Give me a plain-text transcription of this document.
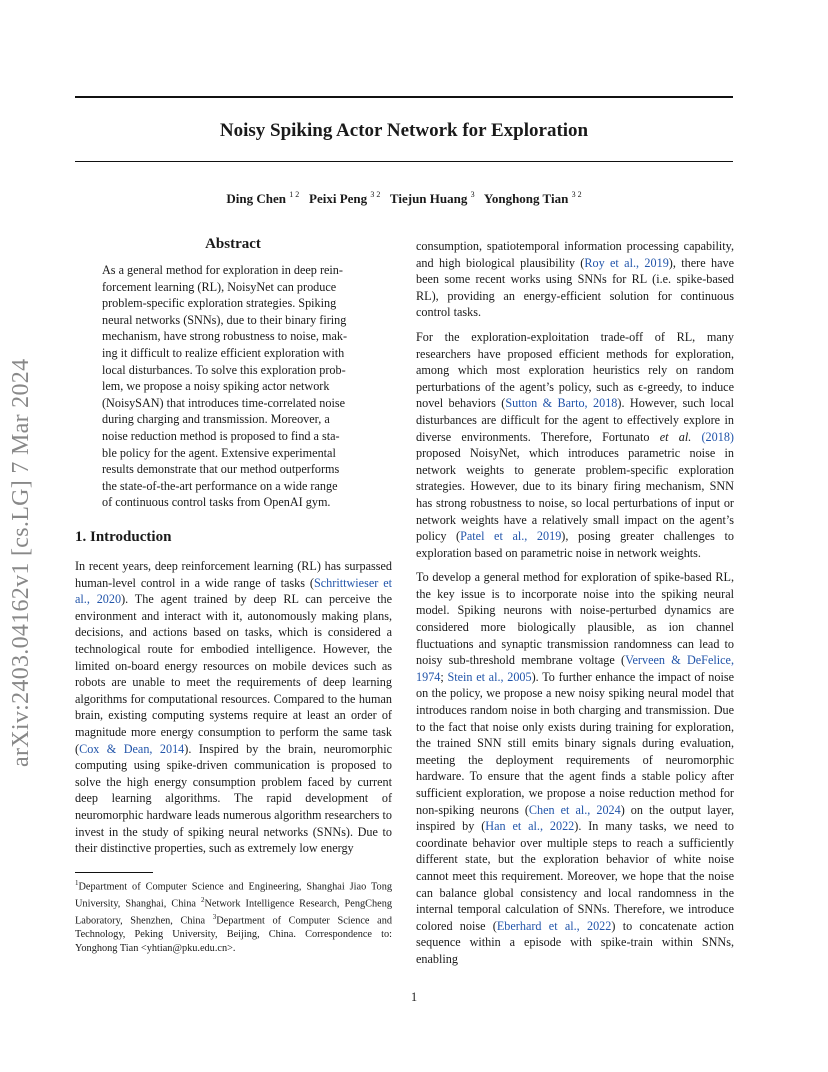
Noisy Spiking Actor Network for Exploration
Ding Chen $^{1 2}$ Peixi Peng $^{3 2}$ Tiejun Huang $^3$ Yonghong Tian $^{3 2}$
arXiv:2403.04162v1 [cs.LG] 7 Mar 2024
Abstract
As a general method for exploration in deep rein-
forcement learning (RL), NoisyNet can produce
problem-specific exploration strategies. Spiking
neural networks (SNNs), due to their binary firing
mechanism, have strong robustness to noise, mak-
ing it difficult to realize efficient exploration with
local disturbances. To solve this exploration prob-
lem, we propose a noisy spiking actor network
(NoisySAN) that introduces time-correlated noise
during charging and transmission. Moreover, a
noise reduction method is proposed to find a sta-
ble policy for the agent. Extensive experimental
results demonstrate that our method outperforms
the state-of-the-art performance on a wide range
of continuous control tasks from OpenAI gym.
1. Introduction

In recent years, deep reinforcement learning (RL) has surpassed human-level control in a wide range of tasks (Schrittwieser et al., 2020). The agent trained by deep RL can perceive the environment and interact with it, autonomously making plans, decisions, and actions based on tasks, which is considered a technological route for embodied intelligence. However, the limited on-board energy resources on mobile devices such as robots are unable to meet the requirements of deep learning algorithms for computational resources. Compared to the human brain, existing computing systems require at least an order of magnitude more energy consumption to perform the same task (Cox & Dean, 2014). Inspired by the brain, neuromorphic computing using spike-driven communication is proposed to solve the high energy consumption problem faced by current deep learning algorithms. The rapid development of neuromorphic hardware leads numerous algorithm researchers to invest in the study of spiking neural networks (SNNs). Due to their distinctive properties, such as extremely low energy

consumption, spatiotemporal information processing capability, and high biological plausibility (Roy et al., 2019), there have been some recent works using SNNs for RL (i.e. spike-based RL), providing an energy-efficient solution for continuous control tasks.

For the exploration-exploitation trade-off of RL, many researchers have proposed efficient methods for exploration, among which most exploration heuristics rely on random perturbations of the agent’s policy, such as ϵ-greedy, to induce novel behaviors (Sutton & Barto, 2018). However, such local disturbances are difficult for the agent to effectively explore in diverse environments. Therefore, Fortunato et al. (2018) proposed NoisyNet, which introduces parametric noise in network weights to generate problem-specific exploration strategies. However, due to its binary firing mechanism, SNN has strong robustness to noise, so local perturbations of input or network weights have a relatively small impact on the agent’s policy (Patel et al., 2019), posing greater challenges to exploration based on parametric noise in network weights.

To develop a general method for exploration of spike-based RL, the key issue is to incorporate noise into the spiking neural model. Spiking neurons with noise-perturbed dynamics are considered more biologically plausible, as ion channel fluctuations and synaptic transmission randomness can lead to noisy sub-threshold membrane voltage (Verveen & DeFelice, 1974; Stein et al., 2005). To further enhance the impact of noise on the policy, we propose a new noisy spiking neural model that introduces random noise in both charging and transmission. Due to the fact that noise only exists during training for exploration, the trained SNN still emits binary signals during evaluation, meeting the deployment requirements of neuromorphic hardware. To ensure that the agent finds a stable policy after sufficient exploration, we propose a noise reduction method for non-spiking neurons (Chen et al., 2024) on the output layer, inspired by (Han et al., 2022). In many tasks, we need to coordinate behavior over multiple steps to reach a sufficiently different state, but the exploration behavior of white noise cannot meet this requirement. Moreover, we hope that the noise can balance global consistency and local randomness in the internal temporal calculation of SNNs. Therefore, we introduce colored noise (Eberhard et al., 2022) to concatenate action sequence within a episode with spike-train within SNNs, enabling

$^1$Department of Computer Science and Engineering, Shanghai Jiao Tong University, Shanghai, China $^2$Network Intelligence Research, PengCheng Laboratory, Shenzhen, China $^3$Department of Computer Science and Technology, Peking University, Beijing, China. Correspondence to: Yonghong Tian <yhtian@pku.edu.cn>.
1
